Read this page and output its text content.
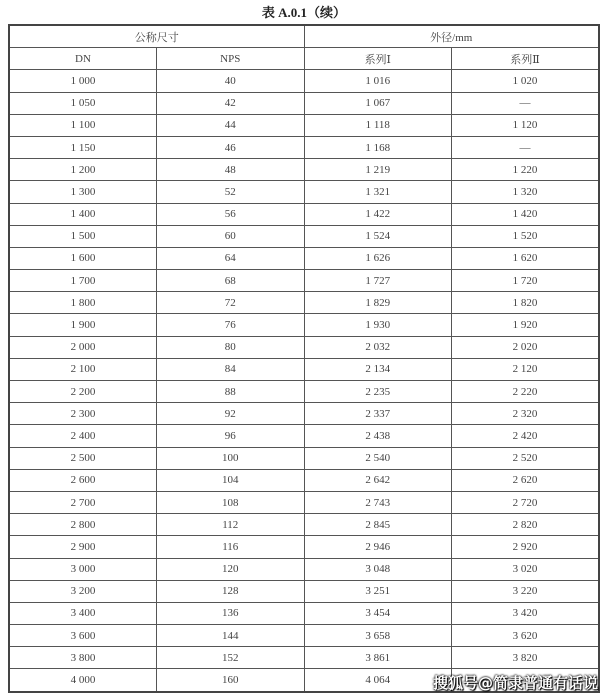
表 A.0.1（续）
公称尺寸		外径/mm	
DN	NPS	系列Ⅰ	系列Ⅱ
1 000	40	1 016	1 020
1 050	42	1 067	—
1 100	44	1 118	1 120
1 150	46	1 168	—
1 200	48	1 219	1 220
1 300	52	1 321	1 320
1 400	56	1 422	1 420
1 500	60	1 524	1 520
1 600	64	1 626	1 620
1 700	68	1 727	1 720
1 800	72	1 829	1 820
1 900	76	1 930	1 920
2 000	80	2 032	2 020
2 100	84	2 134	2 120
2 200	88	2 235	2 220
2 300	92	2 337	2 320
2 400	96	2 438	2 420
2 500	100	2 540	2 520
2 600	104	2 642	2 620
2 700	108	2 743	2 720
2 800	112	2 845	2 820
2 900	116	2 946	2 920
3 000	120	3 048	3 020
3 200	128	3 251	3 220
3 400	136	3 454	3 420
3 600	144	3 658	3 620
3 800	152	3 861	3 820
4 000	160	4 064		搜狐号@简隶普通有话说
